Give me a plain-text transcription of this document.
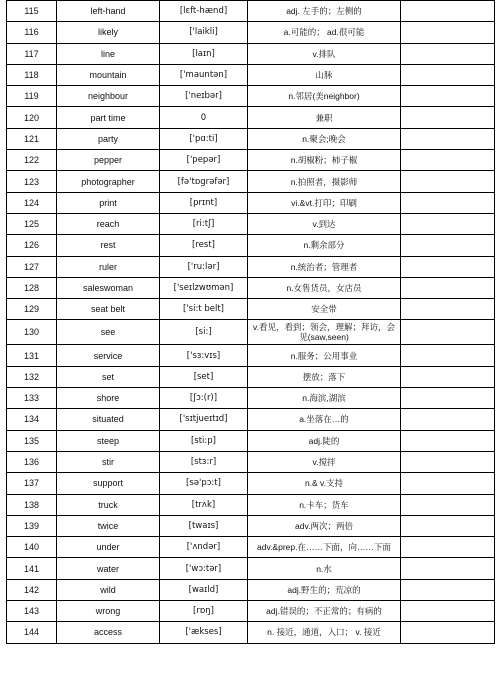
115	left-hand	[lɛft-hænd]	adj. 左手的；左侧的	
116	likely	['laikli]	a.可能的； ad.很可能	
117	line	[laɪn]	v.排队	
118	mountain	['mauntən]	山脉	
119	neighbour	['neɪbər]	n.邻居(美neighbor)	
120	part time	0	兼职	
121	party	['pɑ:ti]	n.聚会;晚会	
122	pepper	['pepər]	n.胡椒粉；柿子椒	
123	photographer	[fə'tɒgrəfər]	n.拍照者，摄影师	
124	print	[prɪnt]	vi.&vt.打印；印刷	
125	reach	[ri:tʃ]	v.到达	
126	rest	[rest]	n.剩余部分	
127	ruler	['ru:lər]	n.统治者；管理者	
128	saleswoman	['seɪlzwʊmən]	n.女售货员，女店员	
129	seat belt	['si:t belt]	安全带	
130	see	[si:]	v.看见，看到；领会，理解；拜访，会见(saw,seen)	
131	service	['sɜ:vɪs]	n.服务；公用事业	
132	set	[set]	摆放；落下	
133	shore	[ʃɔ:(r)]	n.海滨,湖滨	
134	situated	['sɪtjueɪtɪd]	a.坐落在…的	
135	steep	[sti:p]	adj.陡的	
136	stir	[stɜ:r]	v.搅拌	
137	support	[sə'pɔ:t]	n.& v.支持	
138	truck	[trʌk]	n.卡车；货车	
139	twice	[twaɪs]	adv.两次；两倍	
140	under	['ʌndər]	adv.&prep.在……下面，向……下面	
141	water	['wɔ:tər]	n.水	
142	wild	[waɪld]	adj.野生的；荒凉的	
143	wrong	[rɒŋ]	adj.错误的；不正常的；有病的	
144	access	['ækses]	n. 接近，通道，入口； v. 接近	
